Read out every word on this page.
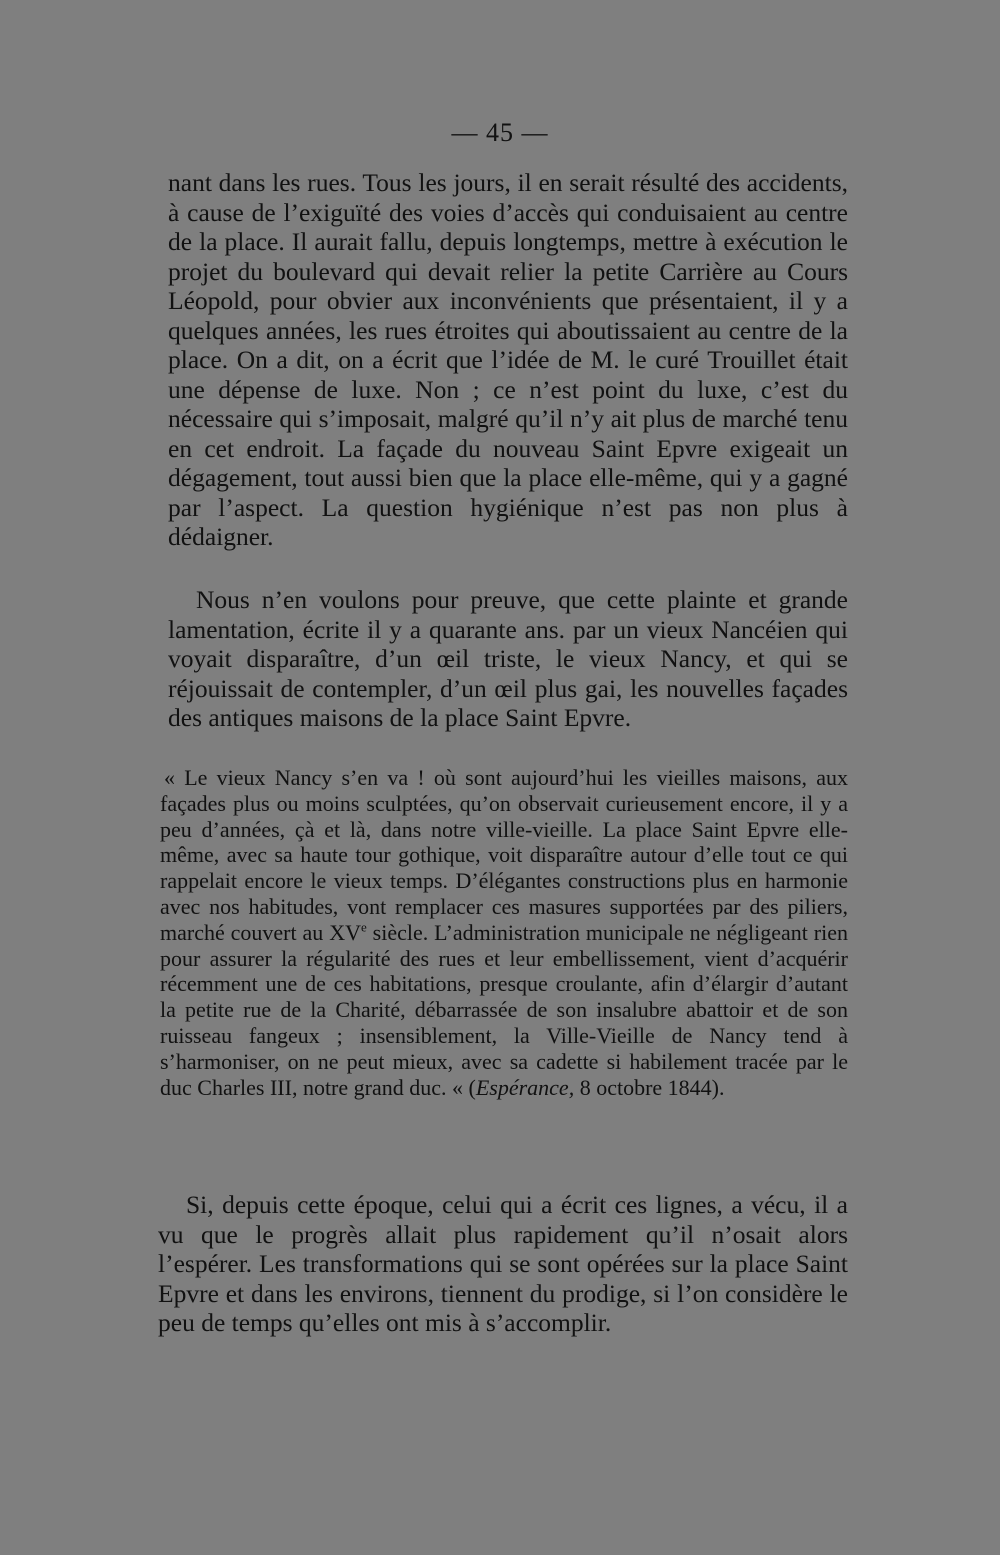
— 45 —

nant dans les rues. Tous les jours, il en serait résulté des accidents, à cause de l’exiguïté des voies d’accès qui conduisaient au centre de la place. Il aurait fallu, depuis longtemps, mettre à exécution le projet du boulevard qui devait relier la petite Carrière au Cours Léopold, pour obvier aux inconvénients que présentaient, il y a quelques années, les rues étroites qui aboutissaient au centre de la place. On a dit, on a écrit que l’idée de M. le curé Trouillet était une dépense de luxe. Non ; ce n’est point du luxe, c’est du nécessaire qui s’imposait, malgré qu’il n’y ait plus de marché tenu en cet endroit. La façade du nouveau Saint Epvre exigeait un dégagement, tout aussi bien que la place elle-même, qui y a gagné par l’aspect. La question hygiénique n’est pas non plus à dédaigner.

Nous n’en voulons pour preuve, que cette plainte et grande lamentation, écrite il y a quarante ans. par un vieux Nancéien qui voyait disparaître, d’un œil triste, le vieux Nancy, et qui se réjouissait de contempler, d’un œil plus gai, les nouvelles façades des antiques maisons de la place Saint Epvre.

« Le vieux Nancy s’en va ! où sont aujourd’hui les vieilles maisons, aux façades plus ou moins sculptées, qu’on observait curieusement encore, il y a peu d’années, çà et là, dans notre ville-vieille. La place Saint Epvre elle-même, avec sa haute tour gothique, voit disparaître autour d’elle tout ce qui rappelait encore le vieux temps. D’élégantes constructions plus en harmonie avec nos habitudes, vont remplacer ces masures supportées par des piliers, marché couvert au XVe siècle. L’administration municipale ne négligeant rien pour assurer la régularité des rues et leur embellissement, vient d’acquérir récemment une de ces habitations, presque croulante, afin d’élargir d’autant la petite rue de la Charité, débarrassée de son insalubre abattoir et de son ruisseau fangeux ; insensiblement, la Ville-Vieille de Nancy tend à s’harmoniser, on ne peut mieux, avec sa cadette si habilement tracée par le duc Charles III, notre grand duc. « (Espérance, 8 octobre 1844).

Si, depuis cette époque, celui qui a écrit ces lignes, a vécu, il a vu que le progrès allait plus rapidement qu’il n’osait alors l’espérer. Les transformations qui se sont opérées sur la place Saint Epvre et dans les environs, tiennent du prodige, si l’on considère le peu de temps qu’elles ont mis à s’accomplir.
